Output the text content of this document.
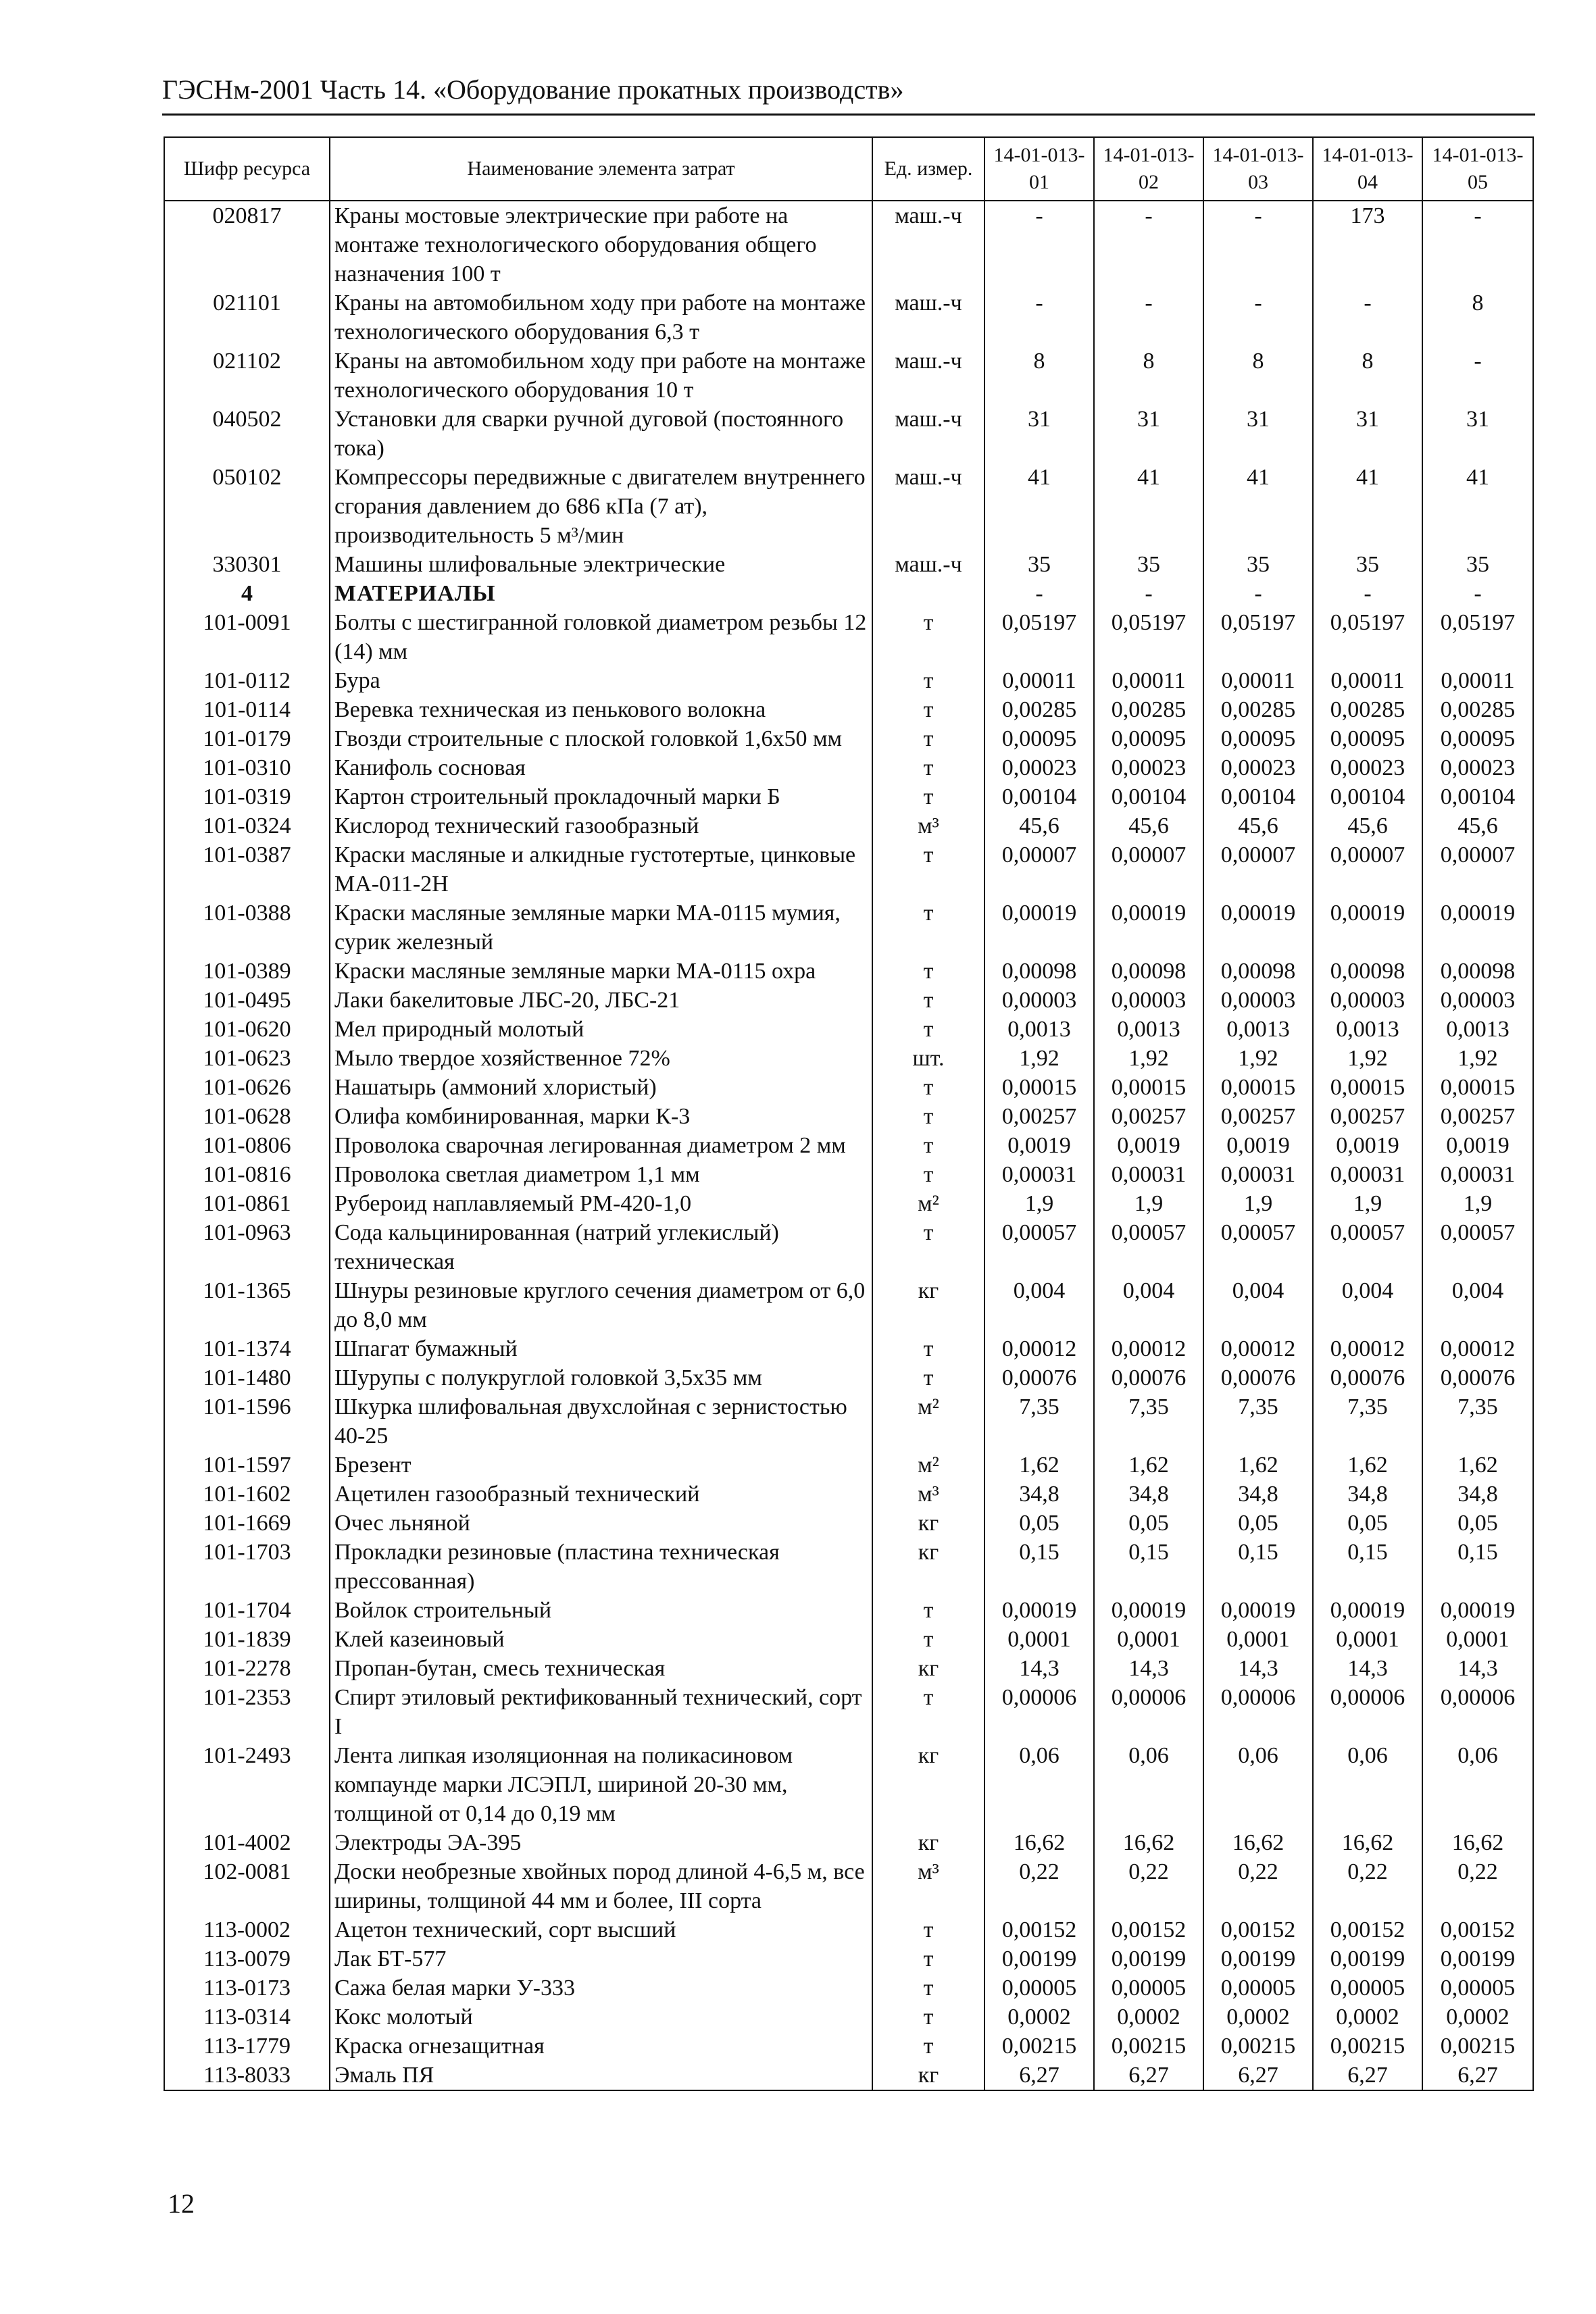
ГЭСНм-2001 Часть 14. «Оборудование прокатных производств»
Шифр ресурса	Наименование элемента затрат	Ед. измер.	14-01-013-01	14-01-013-02	14-01-013-03	14-01-013-04	14-01-013-05
020817	Краны мостовые электрические при работе на монтаже технологического оборудования общего назначения 100 т	маш.-ч	-	-	-	173	-
021101	Краны на автомобильном ходу при работе на монтаже технологического оборудования 6,3 т	маш.-ч	-	-	-	-	8
021102	Краны на автомобильном ходу при работе на монтаже технологического оборудования 10 т	маш.-ч	8	8	8	8	-
040502	Установки для сварки ручной дуговой (постоянного тока)	маш.-ч	31	31	31	31	31
050102	Компрессоры передвижные с двигателем внутреннего сгорания давлением до 686 кПа (7 ат), производительность 5 м³/мин	маш.-ч	41	41	41	41	41
330301	Машины шлифовальные электрические	маш.-ч	35	35	35	35	35
4	МАТЕРИАЛЫ		-	-	-	-	-
101-0091	Болты с шестигранной головкой диаметром резьбы 12 (14) мм	т	0,05197	0,05197	0,05197	0,05197	0,05197
101-0112	Бура	т	0,00011	0,00011	0,00011	0,00011	0,00011
101-0114	Веревка техническая из пенькового волокна	т	0,00285	0,00285	0,00285	0,00285	0,00285
101-0179	Гвозди строительные с плоской головкой 1,6х50 мм	т	0,00095	0,00095	0,00095	0,00095	0,00095
101-0310	Канифоль сосновая	т	0,00023	0,00023	0,00023	0,00023	0,00023
101-0319	Картон строительный прокладочный марки Б	т	0,00104	0,00104	0,00104	0,00104	0,00104
101-0324	Кислород технический газообразный	м³	45,6	45,6	45,6	45,6	45,6
101-0387	Краски масляные и алкидные густотертые, цинковые МА-011-2Н	т	0,00007	0,00007	0,00007	0,00007	0,00007
101-0388	Краски масляные земляные марки МА-0115 мумия, сурик железный	т	0,00019	0,00019	0,00019	0,00019	0,00019
101-0389	Краски масляные земляные марки МА-0115 охра	т	0,00098	0,00098	0,00098	0,00098	0,00098
101-0495	Лаки бакелитовые ЛБС-20, ЛБС-21	т	0,00003	0,00003	0,00003	0,00003	0,00003
101-0620	Мел природный молотый	т	0,0013	0,0013	0,0013	0,0013	0,0013
101-0623	Мыло твердое хозяйственное 72%	шт.	1,92	1,92	1,92	1,92	1,92
101-0626	Нашатырь (аммоний хлористый)	т	0,00015	0,00015	0,00015	0,00015	0,00015
101-0628	Олифа комбинированная, марки К-3	т	0,00257	0,00257	0,00257	0,00257	0,00257
101-0806	Проволока сварочная легированная диаметром 2 мм	т	0,0019	0,0019	0,0019	0,0019	0,0019
101-0816	Проволока светлая диаметром 1,1 мм	т	0,00031	0,00031	0,00031	0,00031	0,00031
101-0861	Рубероид наплавляемый РМ-420-1,0	м²	1,9	1,9	1,9	1,9	1,9
101-0963	Сода кальцинированная (натрий углекислый) техническая	т	0,00057	0,00057	0,00057	0,00057	0,00057
101-1365	Шнуры резиновые круглого сечения диаметром от 6,0 до 8,0 мм	кг	0,004	0,004	0,004	0,004	0,004
101-1374	Шпагат бумажный	т	0,00012	0,00012	0,00012	0,00012	0,00012
101-1480	Шурупы с полукруглой головкой 3,5х35 мм	т	0,00076	0,00076	0,00076	0,00076	0,00076
101-1596	Шкурка шлифовальная двухслойная с зернистостью 40-25	м²	7,35	7,35	7,35	7,35	7,35
101-1597	Брезент	м²	1,62	1,62	1,62	1,62	1,62
101-1602	Ацетилен газообразный технический	м³	34,8	34,8	34,8	34,8	34,8
101-1669	Очес льняной	кг	0,05	0,05	0,05	0,05	0,05
101-1703	Прокладки резиновые (пластина техническая прессованная)	кг	0,15	0,15	0,15	0,15	0,15
101-1704	Войлок строительный	т	0,00019	0,00019	0,00019	0,00019	0,00019
101-1839	Клей казеиновый	т	0,0001	0,0001	0,0001	0,0001	0,0001
101-2278	Пропан-бутан, смесь техническая	кг	14,3	14,3	14,3	14,3	14,3
101-2353	Спирт этиловый ректификованный технический, сорт I	т	0,00006	0,00006	0,00006	0,00006	0,00006
101-2493	Лента липкая изоляционная на поликасиновом компаунде марки ЛСЭПЛ, шириной 20-30 мм, толщиной от 0,14 до 0,19 мм	кг	0,06	0,06	0,06	0,06	0,06
101-4002	Электроды ЭА-395	кг	16,62	16,62	16,62	16,62	16,62
102-0081	Доски необрезные хвойных пород длиной 4-6,5 м, все ширины, толщиной 44 мм и более, III сорта	м³	0,22	0,22	0,22	0,22	0,22
113-0002	Ацетон технический, сорт высший	т	0,00152	0,00152	0,00152	0,00152	0,00152
113-0079	Лак БТ-577	т	0,00199	0,00199	0,00199	0,00199	0,00199
113-0173	Сажа белая марки У-333	т	0,00005	0,00005	0,00005	0,00005	0,00005
113-0314	Кокс молотый	т	0,0002	0,0002	0,0002	0,0002	0,0002
113-1779	Краска огнезащитная	т	0,00215	0,00215	0,00215	0,00215	0,00215
113-8033	Эмаль ПЯ	кг	6,27	6,27	6,27	6,27	6,27
12
